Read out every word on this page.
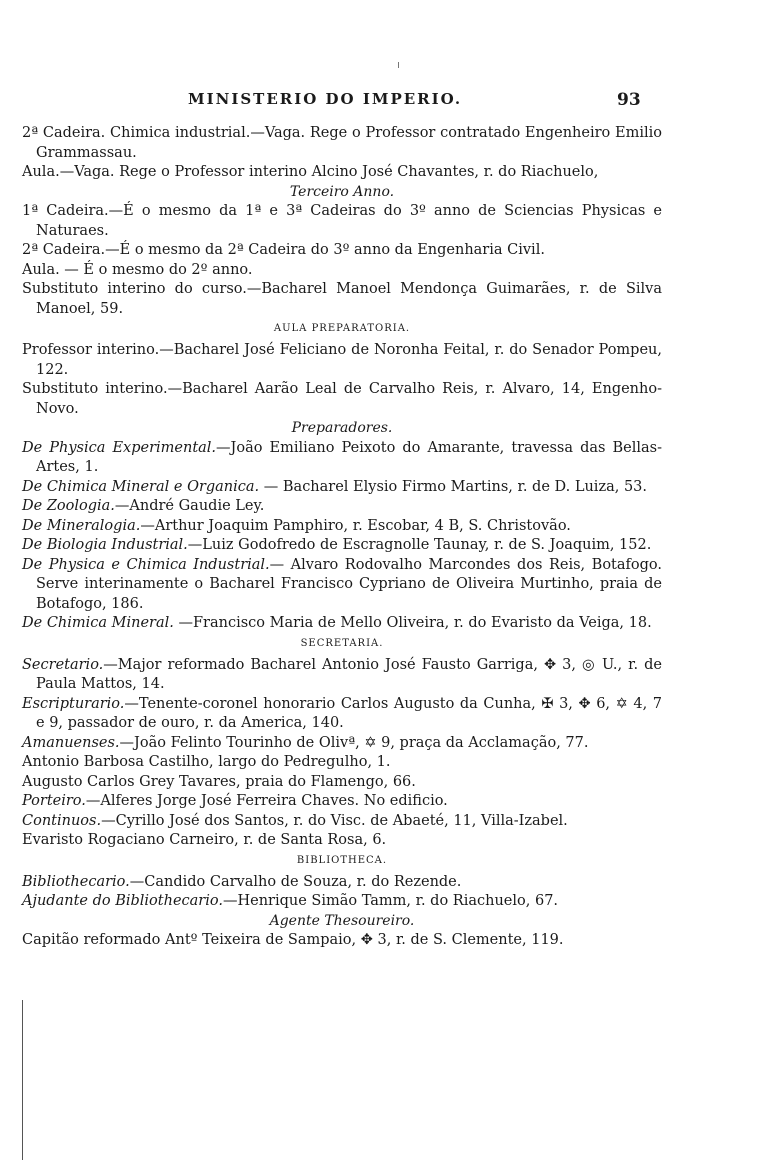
MINISTERIO DO IMPERIO.	93

2ª Cadeira. Chimica industrial.—Vaga. Rege o Professor contratado Engenheiro Emilio Grammassau.

Aula.—Vaga. Rege o Professor interino Alcino José Chavantes, r. do Riachuelo,

Terceiro Anno.

1ª Cadeira.—É o mesmo da 1ª e 3ª Cadeiras do 3º anno de Sciencias Physicas e Naturaes.

2ª Cadeira.—É o mesmo da 2ª Cadeira do 3º anno da Engenharia Civil.

Aula. — É o mesmo do 2º anno.

Substituto interino do curso.—Bacharel Manoel Mendonça Guimarães, r. de Silva Manoel, 59.

AULA PREPARATORIA.

Professor interino.—Bacharel José Feliciano de Noronha Feital, r. do Senador Pompeu, 122.

Substituto interino.—Bacharel Aarão Leal de Carvalho Reis, r. Alvaro, 14, Engenho-Novo.

Preparadores.

De Physica Experimental.—João Emiliano Peixoto do Amarante, travessa das Bellas-Artes, 1.

De Chimica Mineral e Organica. — Bacharel Elysio Firmo Martins, r. de D. Luiza, 53.

De Zoologia.—André Gaudie Ley.

De Mineralogia.—Arthur Joaquim Pamphiro, r. Escobar, 4 B, S. Christovão.

De Biologia Industrial.—Luiz Godofredo de Escragnolle Taunay, r. de S. Joaquim, 152.

De Physica e Chimica Industrial.— Alvaro Rodovalho Marcondes dos Reis, Botafogo. Serve interinamente o Bacharel Francisco Cypriano de Oliveira Murtinho, praia de Botafogo, 186.

De Chimica Mineral. —Francisco Maria de Mello Oliveira, r. do Evaristo da Veiga, 18.

SECRETARIA.

Secretario.—Major reformado Bacharel Antonio José Fausto Garriga, ✥ 3, ◎ U., r. de Paula Mattos, 14.

Escripturario.—Tenente-coronel honorario Carlos Augusto da Cunha, ✠ 3, ✥ 6, ✡ 4, 7 e 9, passador de ouro, r. da America, 140.

Amanuenses.—João Felinto Tourinho de Olivª, ✡ 9, praça da Acclamação, 77.

Antonio Barbosa Castilho, largo do Pedregulho, 1.

Augusto Carlos Grey Tavares, praia do Flamengo, 66.

Porteiro.—Alferes Jorge José Ferreira Chaves. No edificio.

Continuos.—Cyrillo José dos Santos, r. do Visc. de Abaeté, 11, Villa-Izabel.

Evaristo Rogaciano Carneiro, r. de Santa Rosa, 6.

BIBLIOTHECA.

Bibliothecario.—Candido Carvalho de Souza, r. do Rezende.

Ajudante do Bibliothecario.—Henrique Simão Tamm, r. do Riachuelo, 67.

Agente Thesoureiro.

Capitão reformado Antº Teixeira de Sampaio, ✥ 3, r. de S. Clemente, 119.
